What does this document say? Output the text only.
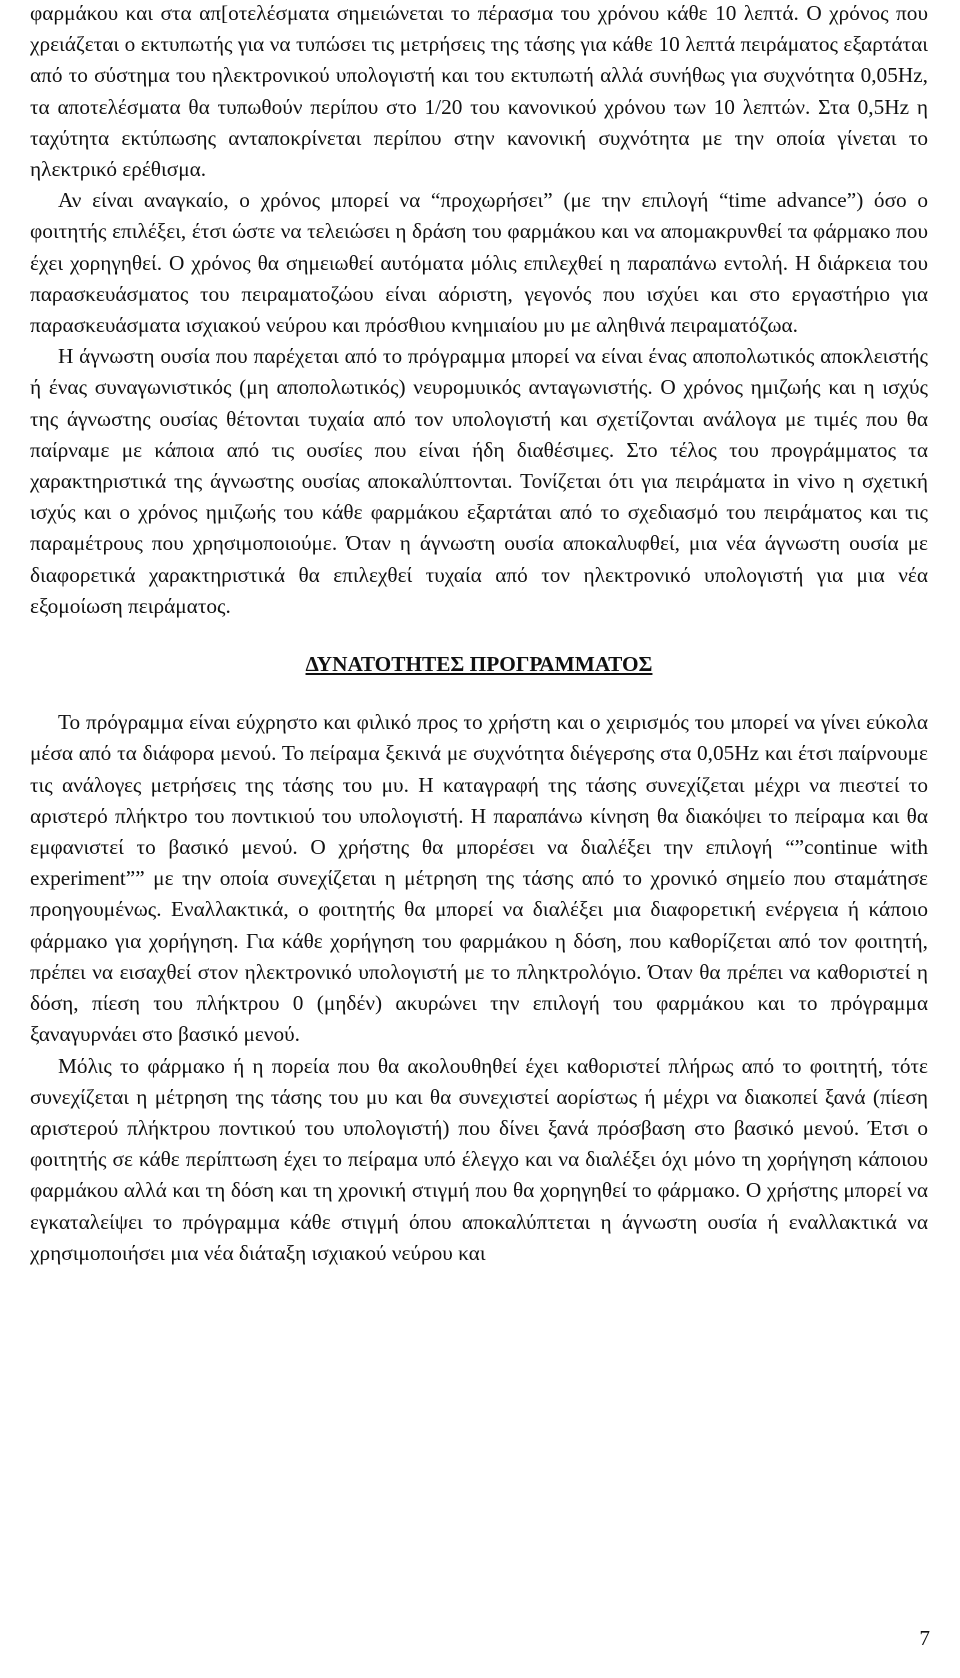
φαρμάκου και στα απ[οτελέσματα σημειώνεται το πέρασμα του χρόνου κάθε 10 λεπτά. Ο χρόνος που χρειάζεται ο εκτυπωτής για να τυπώσει τις μετρήσεις της τάσης για κάθε 10 λεπτά πειράματος εξαρτάται από το σύστημα του ηλεκτρονικού υπολογιστή και του εκτυπωτή αλλά συνήθως για συχνότητα 0,05Hz, τα αποτελέσματα θα τυπωθούν περίπου στο 1/20 του κανονικού χρόνου των 10 λεπτών. Στα 0,5Hz η ταχύτητα εκτύπωσης ανταποκρίνεται περίπου στην κανονική συχνότητα με την οποία γίνεται το ηλεκτρικό ερέθισμα.

Αν είναι αναγκαίο, ο χρόνος μπορεί να “προχωρήσει” (με την επιλογή “time advance”) όσο ο φοιτητής επιλέξει, έτσι ώστε να τελειώσει η δράση του φαρμάκου και να απομακρυνθεί τα φάρμακο που έχει χορηγηθεί. Ο χρόνος θα σημειωθεί αυτόματα μόλις επιλεχθεί η παραπάνω εντολή. Η διάρκεια του παρασκευάσματος του πειραματοζώου είναι αόριστη, γεγονός που ισχύει και στο εργαστήριο για παρασκευάσματα ισχιακού νεύρου και πρόσθιου κνημιαίου μυ με αληθινά πειραματόζωα.

Η άγνωστη ουσία που παρέχεται από το πρόγραμμα μπορεί να είναι ένας αποπολωτικός αποκλειστής ή ένας συναγωνιστικός (μη αποπολωτικός) νευρομυικός ανταγωνιστής. Ο χρόνος ημιζωής και η ισχύς της άγνωστης ουσίας θέτονται τυχαία από τον υπολογιστή και σχετίζονται ανάλογα με τιμές που θα παίρναμε με κάποια από τις ουσίες που είναι ήδη διαθέσιμες. Στο τέλος του προγράμματος τα χαρακτηριστικά της άγνωστης ουσίας αποκαλύπτονται. Τονίζεται ότι για πειράματα in vivo η σχετική ισχύς και ο χρόνος ημιζωής του κάθε φαρμάκου εξαρτάται από το σχεδιασμό του πειράματος και τις παραμέτρους που χρησιμοποιούμε. Όταν η άγνωστη ουσία αποκαλυφθεί, μια νέα άγνωστη ουσία με διαφορετικά χαρακτηριστικά θα επιλεχθεί τυχαία από τον ηλεκτρονικό υπολογιστή για μια νέα εξομοίωση πειράματος.

ΔΥΝΑΤΟΤΗΤΕΣ ΠΡΟΓΡΑΜΜΑΤΟΣ

Το πρόγραμμα είναι εύχρηστο και φιλικό προς το χρήστη και ο χειρισμός του μπορεί να γίνει εύκολα μέσα από τα διάφορα μενού. Το πείραμα ξεκινά με συχνότητα διέγερσης στα 0,05Hz και έτσι παίρνουμε τις ανάλογες μετρήσεις της τάσης του μυ. Η καταγραφή της τάσης συνεχίζεται μέχρι να πιεστεί το αριστερό πλήκτρο του ποντικιού του υπολογιστή. Η παραπάνω κίνηση θα διακόψει το πείραμα και θα εμφανιστεί το βασικό μενού. Ο χρήστης θα μπορέσει να διαλέξει την επιλογή “”continue with experiment”” με την οποία συνεχίζεται η μέτρηση της τάσης από το χρονικό σημείο που σταμάτησε προηγουμένως. Εναλλακτικά, ο φοιτητής θα μπορεί να διαλέξει μια διαφορετική ενέργεια ή κάποιο φάρμακο για χορήγηση. Για κάθε χορήγηση του φαρμάκου η δόση, που καθορίζεται από τον φοιτητή, πρέπει να εισαχθεί στον ηλεκτρονικό υπολογιστή με το πληκτρολόγιο. Όταν θα πρέπει να καθοριστεί η δόση, πίεση του πλήκτρου 0 (μηδέν) ακυρώνει την επιλογή του φαρμάκου και το πρόγραμμα ξαναγυρνάει στο βασικό μενού.

Μόλις το φάρμακο ή η πορεία που θα ακολουθηθεί έχει καθοριστεί πλήρως από το φοιτητή, τότε συνεχίζεται η μέτρηση της τάσης του μυ και θα συνεχιστεί αορίστως ή μέχρι να διακοπεί ξανά (πίεση αριστερού πλήκτρου ποντικού του υπολογιστή) που δίνει ξανά πρόσβαση στο βασικό μενού. Έτσι ο φοιτητής σε κάθε περίπτωση έχει το πείραμα υπό έλεγχο και να διαλέξει όχι μόνο τη χορήγηση κάποιου φαρμάκου αλλά και τη δόση και τη χρονική στιγμή που θα χορηγηθεί το φάρμακο. Ο χρήστης μπορεί να εγκαταλείψει το πρόγραμμα κάθε στιγμή όπου αποκαλύπτεται η άγνωστη ουσία ή εναλλακτικά να χρησιμοποιήσει μια νέα διάταξη ισχιακού νεύρου και

7
